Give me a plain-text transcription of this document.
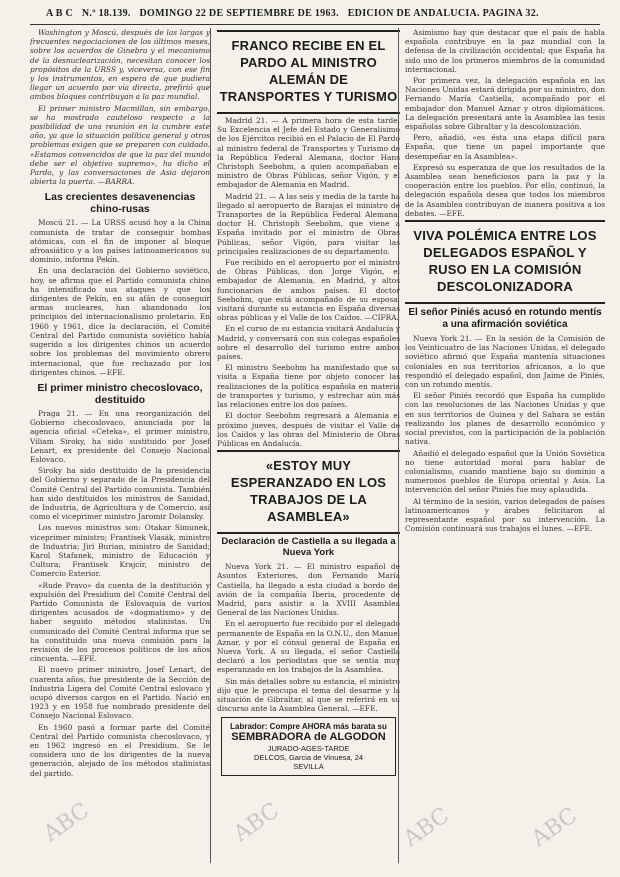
A B C N.º 18.139. DOMINGO 22 DE SEPTIEMBRE DE 1963. EDICION DE ANDALUCIA. PAGINA 32.

Washington y Moscú, después de las largas y frecuentes negociaciones de los últimos meses, sobre los acuerdos de Ginebra y el mecanismo de la desnuclearización, necesitan conocer los propósitos de la URSS y, viceversa, con ese fin y los instrumentos, en espera de que pudiera llegar un acuerdo por vía directa, prefirió que ambos bloques contribuyan a la paz mundial.

El primer ministro Macmillan, sin embargo, se ha mostrado cauteloso respecto a la posibilidad de una reunión en la cumbre este año, ya que la situación política general y otros problemas exigen que se preparen con cuidado. «Estamos convencidos de que la paz del mundo debe ser el objetivo supremo», ha dicho el Pardo, y las conversaciones de Asia dejaron abierta la puerta. —BARRA.

Las crecientes desavenencias chino-rusas

Moscú 21. — La URSS acusó hoy a la China comunista de tratar de conseguir bombas atómicas, con el fin de imponer al bloque afroasiático y a los países latinoamericanos su dominio, informa Pekín.

En una declaración del Gobierno soviético, hoy, se afirma que el Partido comunista chino ha intensificado sus ataques y que los dirigentes de Pekín, en su afán de conseguir armas nucleares, han abandonado los principios del internacionalismo proletario. En 1960 y 1961, dice la declaración, el Comité Central del Partido comunista soviético había sugerido a los dirigentes chinos un acuerdo sobre los problemas del movimiento obrero internacional, que fue rechazado por los dirigentes chinos. —EFE.

El primer ministro checoslovaco, destituido

Praga 21. — En una reorganización del Gobierno checoslovaco, anunciada por la agencia oficial «Ceteka», el primer ministro, Viliam Siroky, ha sido sustituido por Josef Lenart, ex presidente del Consejo Nacional Eslovaco.

Siroky ha sido destituido de la presidencia del Gobierno y separado de la Presidencia del Comité Central del Partido comunista. También han sido destituidos los ministros de Sanidad, de Industria, de Agricultura y de Comercio, así como el viceprimer ministro Jaromir Dolansky.

Los nuevos ministros son: Otakar Simunek, viceprimer ministro; Frantisek Vlasák, ministro de Industria; Jiri Burian, ministro de Sanidad; Karol Stafanek, ministro de Educación y Cultura; Frantisek Krajcír, ministro de Comercio Exterior.

«Rude Pravo» da cuenta de la destitución y expulsión del Presidium del Comité Central del Partido Comunista de Eslovaquia de varios dirigentes acusados de «dogmatismo» y de haber seguido métodos stalinistas. Un comunicado del Comité Central informa que se ha constituido una nueva comisión para la revisión de los procesos políticos de los años cincuenta. —EFE.

El nuevo primer ministro, Josef Lenart, de cuarenta años, fue presidente de la Sección de Industria Ligera del Comité Central eslovaco y ocupó diversos cargos en el Partido. Nació en 1923 y en 1958 fue nombrado presidente del Consejo Nacional Eslovaco.

En 1960 pasó a formar parte del Comité Central del Partido comunista checoslovaco, y en 1962 ingresó en el Presidium. Se le considera uno de los dirigentes de la nueva generación, alejado de los métodos stalinistas del partido.

FRANCO RECIBE EN EL PARDO AL MINISTRO ALEMÁN DE TRANSPORTES Y TURISMO

Madrid 21. — A primera hora de esta tarde, Su Excelencia el Jefe del Estado y Generalísimo de los Ejércitos recibió en el Palacio de El Pardo al ministro federal de Transportes y Turismo de la República Federal Alemana, doctor Hans Christoph Seebohm, a quien acompañaban el ministro de Obras Públicas, señor Vigón, y el embajador de Alemania en Madrid.

Madrid 21. — A las seis y media de la tarde ha llegado al aeropuerto de Barajas el ministro de Transportes de la República Federal Alemana, doctor H. Christoph Seebohm, que viene a España invitado por el ministro de Obras Públicas, señor Vigón, para visitar las principales realizaciones de su departamento.

Fue recibido en el aeropuerto por el ministro de Obras Públicas, don Jorge Vigón, el embajador de Alemania, en Madrid, y altos funcionarios de ambos países. El doctor Seebohm, que está acompañado de su esposa, visitará durante su estancia en España diversas obras públicas y el Valle de los Caídos. —CIFRA.

En el curso de su estancia visitará Andalucía y Madrid, y conversará con sus colegas españoles sobre el desarrollo del turismo entre ambos países.

El ministro Seebohm ha manifestado que su visita a España tiene por objeto conocer las realizaciones de la política española en materia de transportes y turismo, y estrechar aún más las relaciones entre los dos países.

El doctor Seebohm regresará a Alemania el próximo jueves, después de visitar el Valle de los Caídos y las obras del Ministerio de Obras Públicas en Andalucía.

«ESTOY MUY ESPERANZADO EN LOS TRABAJOS DE LA ASAMBLEA»
Declaración de Castiella a su llegada a Nueva York

Nueva York 21. — El ministro español de Asuntos Exteriores, don Fernando María Castiella, ha llegado a esta ciudad a bordo del avión de la compañía Iberia, procedente de Madrid, para asistir a la XVIII Asamblea General de las Naciones Unidas.

En el aeropuerto fue recibido por el delegado permanente de España en la O.N.U., don Manuel Aznar, y por el cónsul general de España en Nueva York. A su llegada, el señor Castiella declaró a los periodistas que se sentía muy esperanzado en los trabajos de la Asamblea.

Sin más detalles sobre su estancia, el ministro dijo que le preocupa el tema del desarme y la situación de Gibraltar, al que se referirá en su discurso ante la Asamblea General. —EFE.

Labrador: Compre AHORA más barata su
SEMBRADORA de ALGODON
JURADO-AGES-TARDE
DELCOS, Garcia de Vinuesa, 24
SEVILLA

Asimismo hay que destacar que el país de habla española contribuye en la paz mundial con la defensa de la civilización occidental; que España ha sido uno de los primeros miembros de la comunidad internacional.

Por primera vez, la delegación española en las Naciones Unidas estará dirigida por su ministro, don Fernando María Castiella, acompañado por el embajador don Manuel Aznar y otros diplomáticos. La delegación presentará ante la Asamblea las tesis españolas sobre Gibraltar y la descolonización.

Pero, añadió, «es ésta una etapa difícil para España, que tiene un papel importante que desempeñar en la Asamblea».

Expresó su esperanza de que los resultados de la Asamblea sean beneficiosos para la paz y la cooperación entre los pueblos. Por ello, continuó, la delegación española desea que todos los miembros de la Asamblea contribuyan de manera positiva a los debates. —EFE.

VIVA POLÉMICA ENTRE LOS DELEGADOS ESPAÑOL Y RUSO EN LA COMISIÓN DESCOLONIZADORA
El señor Piniés acusó en rotundo mentís a una afirmación soviética

Nueva York 21. — En la sesión de la Comisión de los Veinticuatro de las Naciones Unidas, el delegado soviético afirmó que España mantenía situaciones coloniales en sus territorios africanos, a lo que respondió el delegado español, don Jaime de Piniés, con un rotundo mentís.

El señor Piniés recordó que España ha cumplido con las resoluciones de las Naciones Unidas y que en sus territorios de Guinea y del Sahara se están realizando los planes de desarrollo económico y social previstos, con la participación de la población nativa.

Añadió el delegado español que la Unión Soviética no tiene autoridad moral para hablar de colonialismo, cuando mantiene bajo su dominio a numerosos pueblos de Europa oriental y Asia. La intervención del señor Piniés fue muy aplaudida.

Al término de la sesión, varios delegados de países latinoamericanos y árabes felicitaron al representante español por su intervención. La Comisión continuará sus trabajos el lunes. —EFE.

ABC	ABC	ABC	ABC
